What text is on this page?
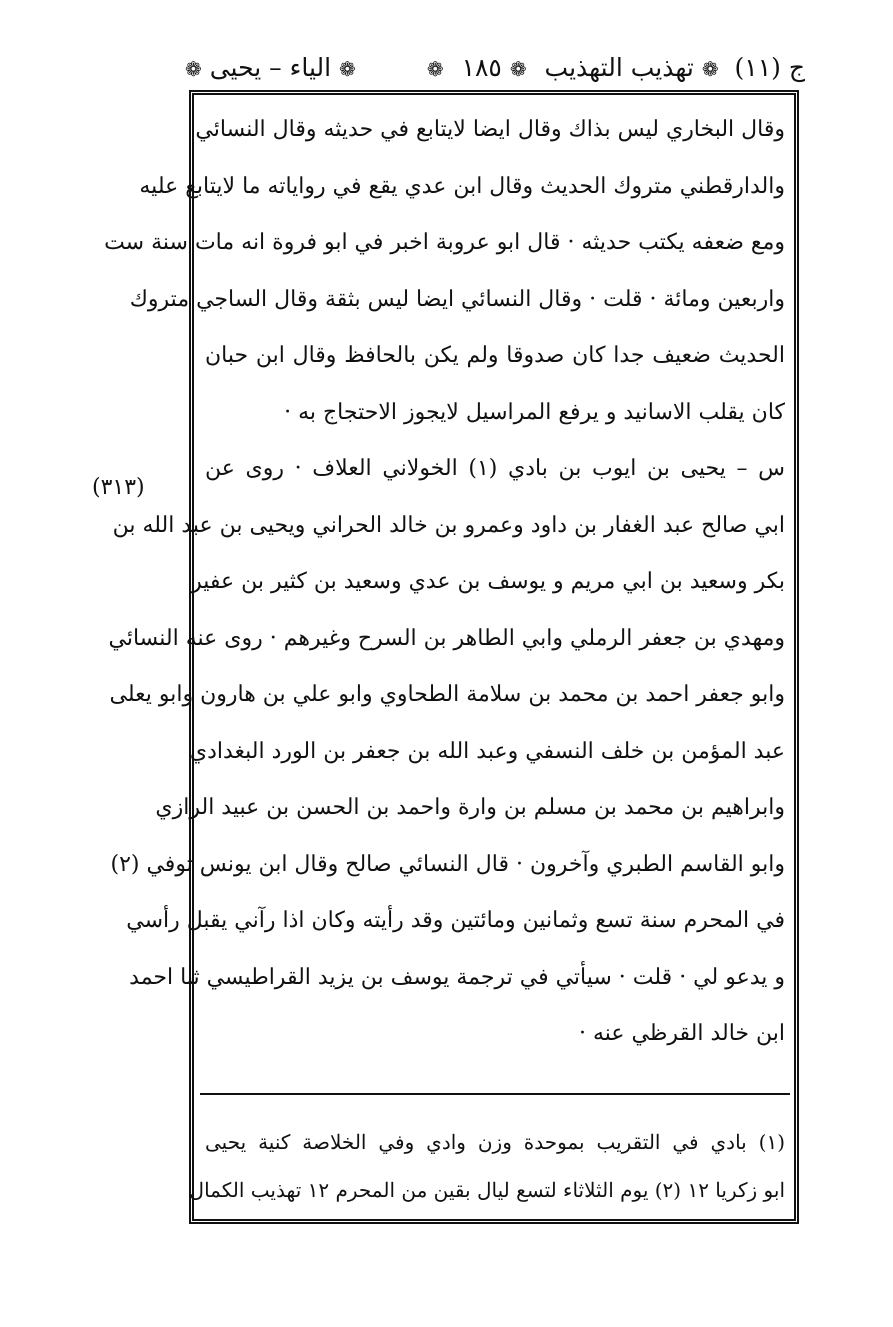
ج (١١) ❁ تهذيب التهذيب ❁ ١٨٥ ❁
❁ الياء – يحيى ❁
(٣١٣)
وقال البخاري ليس بذاك وقال ايضا لايتابع في حديثه وقال النسائي
والدارقطني متروك الحديث وقال ابن عدي يقع في رواياته ما لايتابع عليه
ومع ضعفه يكتب حديثه · قال ابو عروبة اخبر في ابو فروة انه مات سنة ست
واربعين ومائة · قلت · وقال النسائي ايضا ليس بثقة وقال الساجي متروك
الحديث ضعيف جدا كان صدوقا ولم يكن بالحافظ وقال ابن حبان
كان يقلب الاسانيد و يرفع المراسيل لايجوز الاحتجاج به ·
س – يحيى بن ايوب بن بادي (١) الخولاني العلاف · روى عن
ابي صالح عبد الغفار بن داود وعمرو بن خالد الحراني ويحيى بن عبد الله بن
بكر وسعيد بن ابي مريم و يوسف بن عدي وسعيد بن كثير بن عفير
ومهدي بن جعفر الرملي وابي الطاهر بن السرح وغيرهم · روى عنه النسائي
وابو جعفر احمد بن محمد بن سلامة الطحاوي وابو علي بن هارون وابو يعلى
عبد المؤمن بن خلف النسفي وعبد الله بن جعفر بن الورد البغدادي
وابراهيم بن محمد بن مسلم بن وارة واحمد بن الحسن بن عبيد الرازي
وابو القاسم الطبري وآخرون · قال النسائي صالح وقال ابن يونس توفي (٢)
في المحرم سنة تسع وثمانين ومائتين وقد رأيته وكان اذا رآني يقبل رأسي
و يدعو لي · قلت · سيأتي في ترجمة يوسف بن يزيد القراطيسي ثنا احمد
ابن خالد القرظي عنه ·
(١) بادي في التقريب بموحدة وزن وادي وفي الخلاصة كنية يحيى
ابو زكريا ١٢ (٢) يوم الثلاثاء لتسع ليال بقين من المحرم ١٢ تهذيب الكمال
